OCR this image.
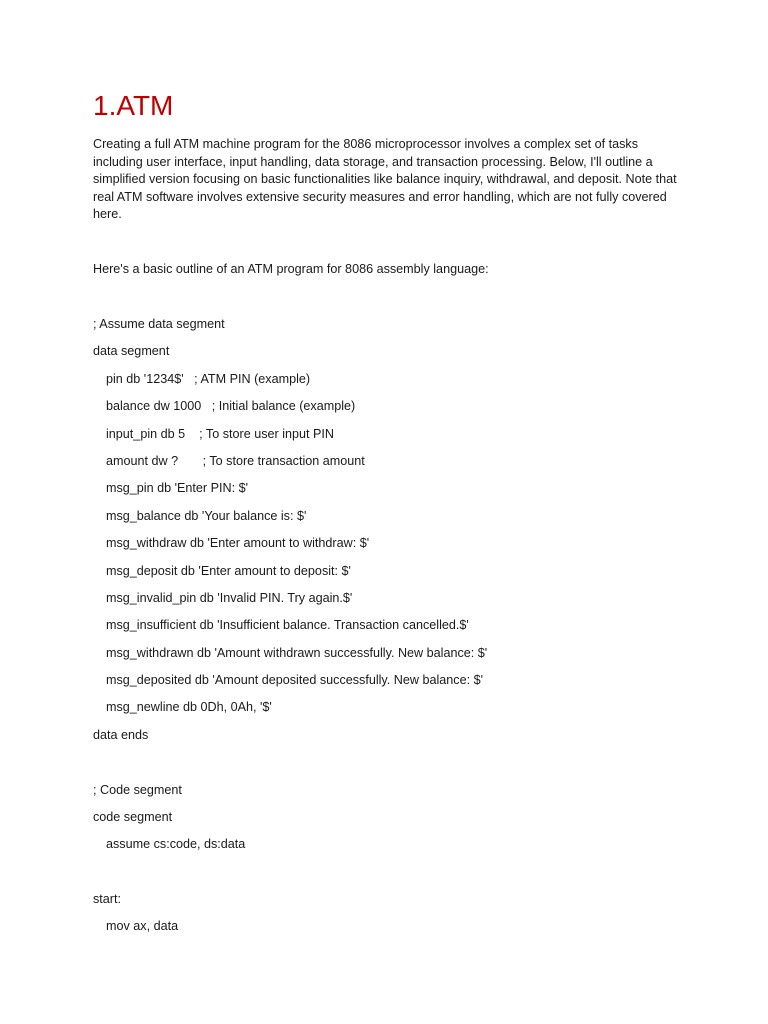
1.ATM

Creating a full ATM machine program for the 8086 microprocessor involves a complex set of tasks including user interface, input handling, data storage, and transaction processing. Below, I'll outline a simplified version focusing on basic functionalities like balance inquiry, withdrawal, and deposit. Note that real ATM software involves extensive security measures and error handling, which are not fully covered here.

Here's a basic outline of an ATM program for 8086 assembly language:

; Assume data segment

data segment

pin db '1234$'   ; ATM PIN (example)

balance dw 1000   ; Initial balance (example)

input_pin db 5    ; To store user input PIN

amount dw ?       ; To store transaction amount

msg_pin db 'Enter PIN: $'

msg_balance db 'Your balance is: $'

msg_withdraw db 'Enter amount to withdraw: $'

msg_deposit db 'Enter amount to deposit: $'

msg_invalid_pin db 'Invalid PIN. Try again.$'

msg_insufficient db 'Insufficient balance. Transaction cancelled.$'

msg_withdrawn db 'Amount withdrawn successfully. New balance: $'

msg_deposited db 'Amount deposited successfully. New balance: $'

msg_newline db 0Dh, 0Ah, '$'

data ends

; Code segment

code segment

assume cs:code, ds:data

start:

mov ax, data
